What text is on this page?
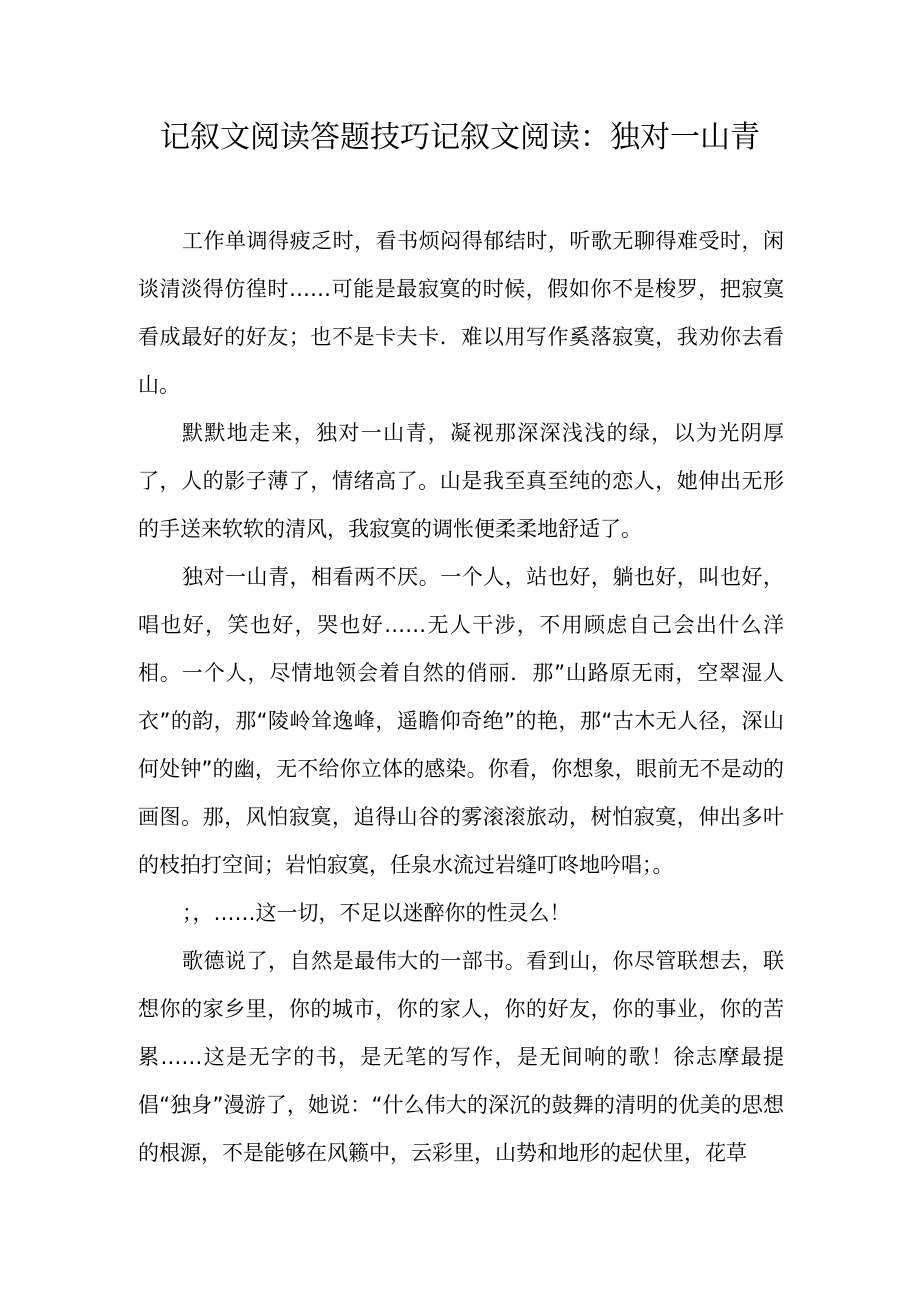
记叙文阅读答题技巧记叙文阅读：独对一山青

工作单调得疲乏时，看书烦闷得郁结时，听歌无聊得难受时，闲谈清淡得仿徨时……可能是最寂寞的时候，假如你不是梭罗，把寂寞看成最好的好友；也不是卡夫卡．难以用写作奚落寂寞，我劝你去看山。

默默地走来，独对一山青，凝视那深深浅浅的绿，以为光阴厚了，人的影子薄了，情绪高了。山是我至真至纯的恋人，她伸出无形的手送来软软的清风，我寂寞的调怅便柔柔地舒适了。

独对一山青，相看两不厌。一个人，站也好，躺也好，叫也好，唱也好，笑也好，哭也好……无人干涉，不用顾虑自己会出什么洋相。一个人，尽情地领会着自然的俏丽．那”山路原无雨，空翠湿人衣”的韵，那“陵岭耸逸峰，遥瞻仰奇绝”的艳，那“古木无人径，深山何处钟”的幽，无不给你立体的感染。你看，你想象，眼前无不是动的画图。那，风怕寂寞，追得山谷的雾滚滚旅动，树怕寂寞，伸出多叶的枝拍打空间；岩怕寂寞，任泉水流过岩缝叮咚地吟唱；。

；，……这一切，不足以迷醉你的性灵么！

歌德说了，自然是最伟大的一部书。看到山，你尽管联想去，联想你的家乡里，你的城市，你的家人，你的好友，你的事业，你的苦累……这是无字的书，是无笔的写作，是无间响的歌！徐志摩最提倡“独身”漫游了，她说：“什么伟大的深沉的鼓舞的清明的优美的思想的根源，不是能够在风籁中，云彩里，山势和地形的起伏里，花草
